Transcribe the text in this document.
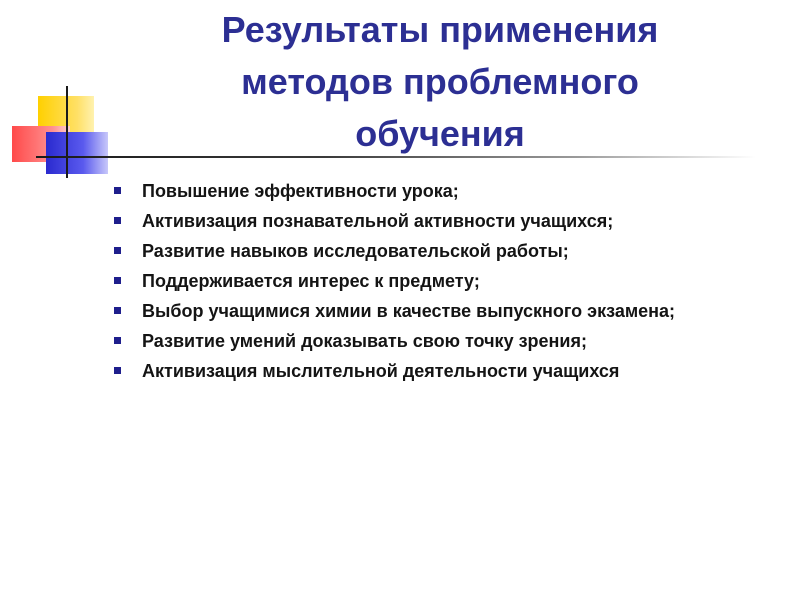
Результаты применения
методов проблемного
обучения
Повышение эффективности урока;
Активизация познавательной активности учащихся;
Развитие навыков исследовательской работы;
Поддерживается интерес к предмету;
Выбор учащимися химии в качестве выпускного экзамена;
Развитие умений доказывать свою точку зрения;
Активизация мыслительной деятельности учащихся
